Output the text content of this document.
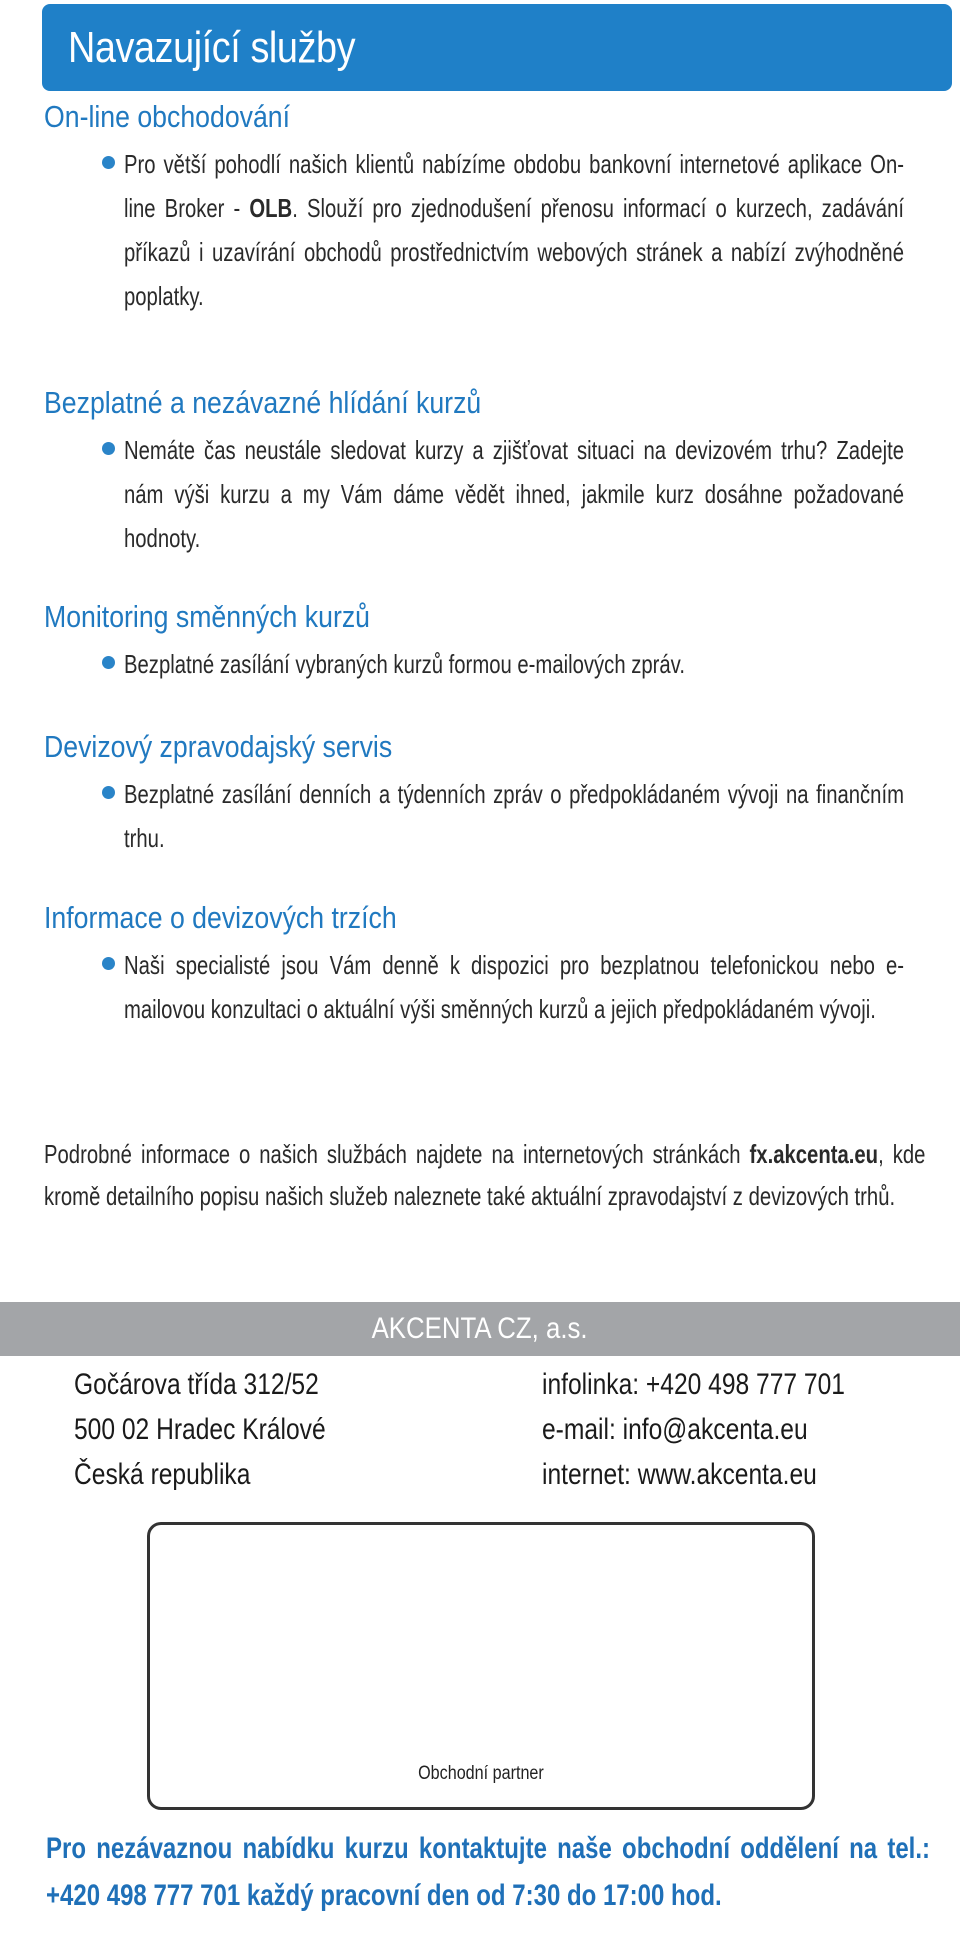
Navazující služby
On-line obchodování

Pro větší pohodlí našich klientů nabízíme obdobu bankovní internetové aplikace On-line Broker - OLB. Slouží pro zjednodušení přenosu informací o kurzech, zadávání příkazů i uzavírání obchodů prostřednictvím webových stránek a nabízí zvýhodněné poplatky.

Bezplatné a nezávazné hlídání kurzů

Nemáte čas neustále sledovat kurzy a zjišťovat situaci na devizovém trhu? Zadejte nám výši kurzu a my Vám dáme vědět ihned, jakmile kurz dosáhne požadované hodnoty.

Monitoring směnných kurzů

Bezplatné zasílání vybraných kurzů formou e-mailových zpráv.

Devizový zpravodajský servis

Bezplatné zasílání denních a týdenních zpráv o předpokládaném vývoji na finančním trhu.

Informace o devizových trzích

Naši specialisté jsou Vám denně k dispozici pro bezplatnou telefonickou nebo e-mailovou konzultaci o aktuální výši směnných kurzů a jejich předpokládaném vývoji.

Podrobné informace o našich službách najdete na internetových stránkách fx.akcenta.eu, kde kromě detailního popisu našich služeb naleznete také aktuální zpravodajství z devizových trhů.

AKCENTA CZ, a.s.
Gočárova třída 312/52
500 02 Hradec Králové
Česká republika
infolinka: +420 498 777 701
e-mail: info@akcenta.eu
internet: www.akcenta.eu
Obchodní partner

Pro nezávaznou nabídku kurzu kontaktujte naše obchodní oddělení na tel.: +420 498 777 701 každý pracovní den od 7:30 do 17:00 hod.
